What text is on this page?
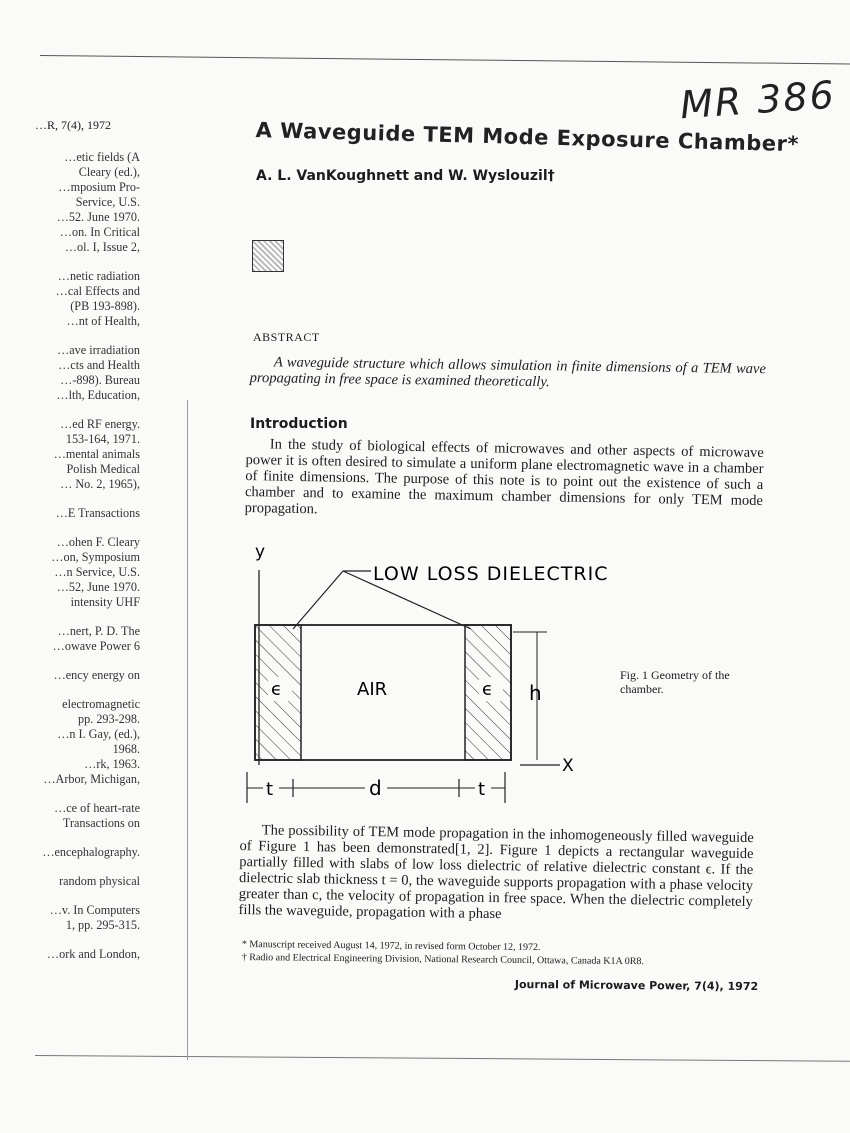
MR 386
…R, 7(4), 1972
…etic fields (A
Cleary (ed.),
…mposium Pro-
Service, U.S.
…52. June 1970.
…on. In Critical
…ol. I, Issue 2,
…netic radiation
…cal Effects and
(PB 193-898).
…nt of Health,
…ave irradiation
…cts and Health
…-898). Bureau
…lth, Education,
…ed RF energy.
153-164, 1971.
…mental animals
Polish Medical
… No. 2, 1965),
…E Transactions
…ohen F. Cleary
…on, Symposium
…n Service, U.S.
…52, June 1970.
intensity UHF
…nert, P. D. The
…owave Power 6
…ency energy on
electromagnetic
pp. 293-298.
…n I. Gay, (ed.),
1968.
…rk, 1963.
…Arbor, Michigan,
…ce of heart-rate
Transactions on
…encephalography.
random physical
…v. In Computers
1, pp. 295-315.
…ork and London,
A Waveguide TEM Mode Exposure Chamber*
A. L. VanKoughnett and W. Wyslouzil†
ABSTRACT
A waveguide structure which allows simulation in finite dimensions of a TEM wave propagating in free space is examined theoretically.
Introduction
In the study of biological effects of microwaves and other aspects of microwave power it is often desired to simulate a uniform plane electromagnetic wave in a chamber of finite dimensions. The purpose of this note is to point out the existence of such a chamber and to examine the maximum chamber dimensions for only TEM mode propagation.
y
X
ϵ	ϵ
AIR
LOW LOSS DIELECTRIC
h
t	d	t
Fig. 1 Geometry of the chamber.
The possibility of TEM mode propagation in the inhomogeneously filled waveguide of Figure 1 has been demonstrated[1, 2]. Figure 1 depicts a rectangular waveguide partially filled with slabs of low loss dielectric of relative dielectric constant ϵ. If the dielectric slab thickness t = 0, the waveguide supports propagation with a phase velocity greater than c, the velocity of propagation in free space. When the dielectric completely fills the waveguide, propagation with a phase
* Manuscript received August 14, 1972, in revised form October 12, 1972.
† Radio and Electrical Engineering Division, National Research Council, Ottawa, Canada K1A 0R8.
Journal of Microwave Power, 7(4), 1972
